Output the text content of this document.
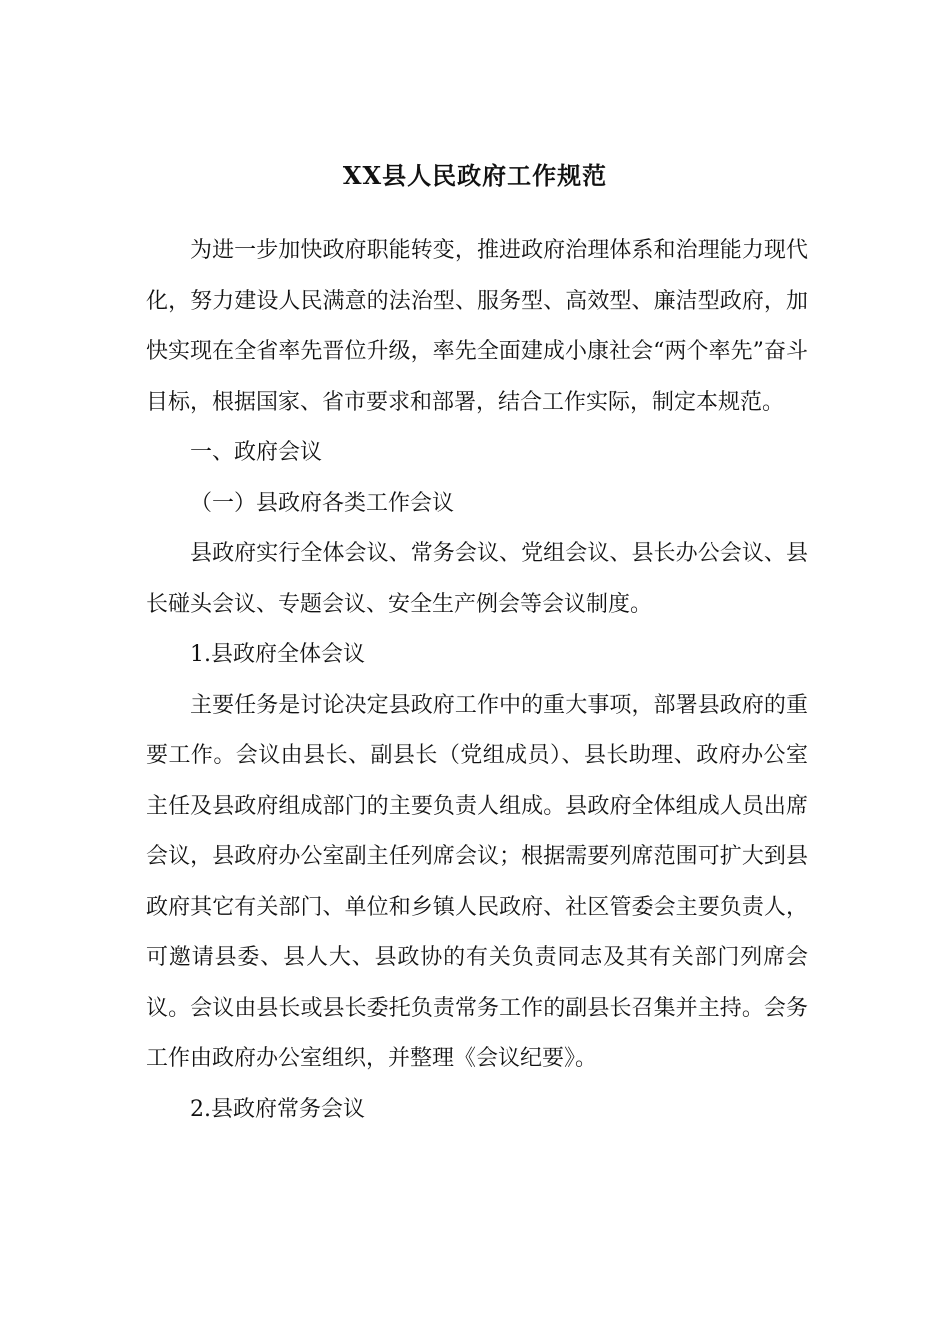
XX县人民政府工作规范

为进一步加快政府职能转变，推进政府治理体系和治理能力现代化，努力建设人民满意的法治型、服务型、高效型、廉洁型政府，加快实现在全省率先晋位升级，率先全面建成小康社会“两个率先”奋斗目标，根据国家、省市要求和部署，结合工作实际，制定本规范。

一、政府会议

（一）县政府各类工作会议

县政府实行全体会议、常务会议、党组会议、县长办公会议、县长碰头会议、专题会议、安全生产例会等会议制度。

1.县政府全体会议

主要任务是讨论决定县政府工作中的重大事项，部署县政府的重要工作。会议由县长、副县长（党组成员）、县长助理、政府办公室主任及县政府组成部门的主要负责人组成。县政府全体组成人员出席会议，县政府办公室副主任列席会议；根据需要列席范围可扩大到县政府其它有关部门、单位和乡镇人民政府、社区管委会主要负责人，可邀请县委、县人大、县政协的有关负责同志及其有关部门列席会议。会议由县长或县长委托负责常务工作的副县长召集并主持。会务工作由政府办公室组织，并整理《会议纪要》。

2.县政府常务会议
